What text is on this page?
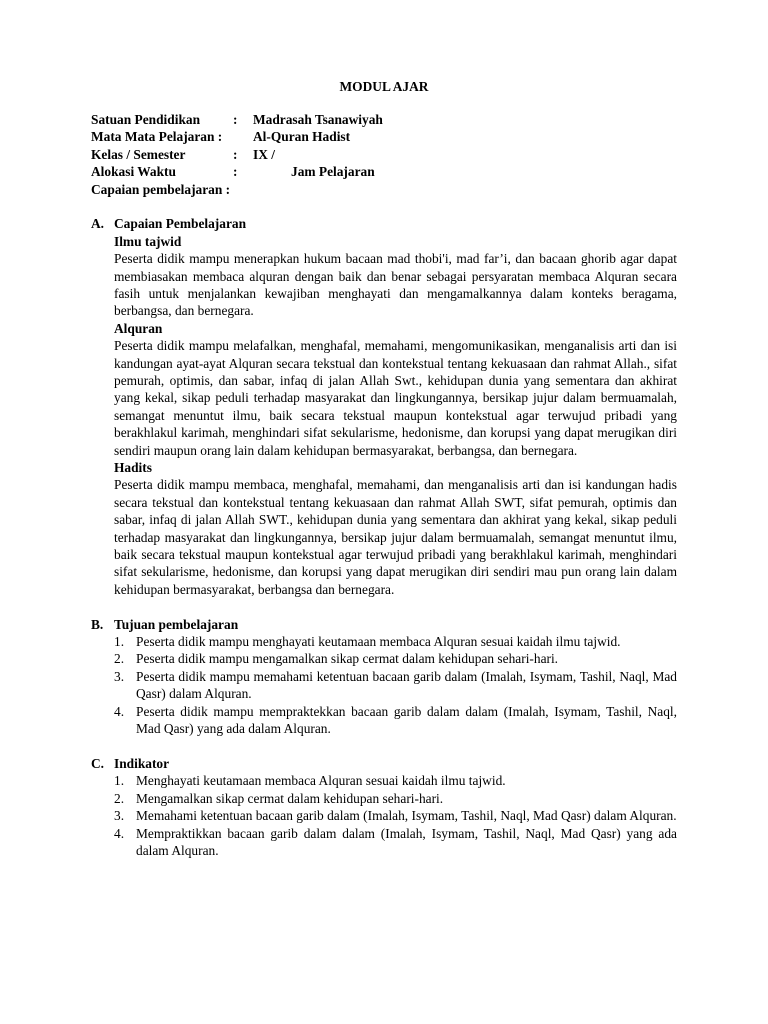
MODUL AJAR
Satuan Pendidikan	:	Madrasah Tsanawiyah
Mata Mata Pelajaran :	Al-Quran Hadist
Kelas / Semester	:	IX /
Alokasi Waktu	:	Jam Pelajaran
Capaian pembelajaran :
A. Capaian Pembelajaran
Ilmu tajwid

Peserta didik mampu menerapkan hukum bacaan mad thobi'i, mad far’i, dan bacaan ghorib agar dapat membiasakan membaca alquran dengan baik dan benar sebagai persyaratan membaca Alquran secara fasih untuk menjalankan kewajiban menghayati dan mengamalkannya dalam konteks beragama, berbangsa, dan bernegara.

Alquran

Peserta didik mampu melafalkan, menghafal, memahami, mengomunikasikan, menganalisis arti dan isi kandungan ayat-ayat Alquran secara tekstual dan kontekstual tentang kekuasaan dan rahmat Allah., sifat pemurah, optimis, dan sabar, infaq di jalan Allah Swt., kehidupan dunia yang sementara dan akhirat yang kekal, sikap peduli terhadap masyarakat dan lingkungannya, bersikap jujur dalam bermuamalah, semangat menuntut ilmu, baik secara tekstual maupun kontekstual agar terwujud pribadi yang berakhlakul karimah, menghindari sifat sekularisme, hedonisme, dan korupsi yang dapat merugikan diri sendiri maupun orang lain dalam kehidupan bermasyarakat, berbangsa, dan bernegara.

Hadits

Peserta didik mampu membaca, menghafal, memahami, dan menganalisis arti dan isi kandungan hadis secara tekstual dan kontekstual tentang kekuasaan dan rahmat Allah SWT, sifat pemurah, optimis dan sabar, infaq di jalan Allah SWT., kehidupan dunia yang sementara dan akhirat yang kekal, sikap peduli terhadap masyarakat dan lingkungannya, bersikap jujur dalam bermuamalah, semangat menuntut ilmu, baik secara tekstual maupun kontekstual agar terwujud pribadi yang berakhlakul karimah, menghindari sifat sekularisme, hedonisme, dan korupsi yang dapat merugikan diri sendiri mau pun orang lain dalam kehidupan bermasyarakat, berbangsa dan bernegara.

B. Tujuan pembelajaran
1. Peserta didik mampu menghayati keutamaan membaca Alquran sesuai kaidah ilmu tajwid.
2. Peserta didik mampu mengamalkan sikap cermat dalam kehidupan sehari-hari.
3. Peserta didik mampu memahami ketentuan bacaan garib dalam (Imalah, Isymam, Tashil, Naql, Mad Qasr) dalam Alquran.
4. Peserta didik mampu mempraktekkan bacaan garib dalam dalam (Imalah, Isymam, Tashil, Naql, Mad Qasr) yang ada dalam Alquran.
C. Indikator
1. Menghayati keutamaan membaca Alquran sesuai kaidah ilmu tajwid.
2. Mengamalkan sikap cermat dalam kehidupan sehari-hari.
3. Memahami ketentuan bacaan garib dalam (Imalah, Isymam, Tashil, Naql, Mad Qasr) dalam Alquran.
4. Mempraktikkan bacaan garib dalam dalam (Imalah, Isymam, Tashil, Naql, Mad Qasr) yang ada dalam Alquran.
